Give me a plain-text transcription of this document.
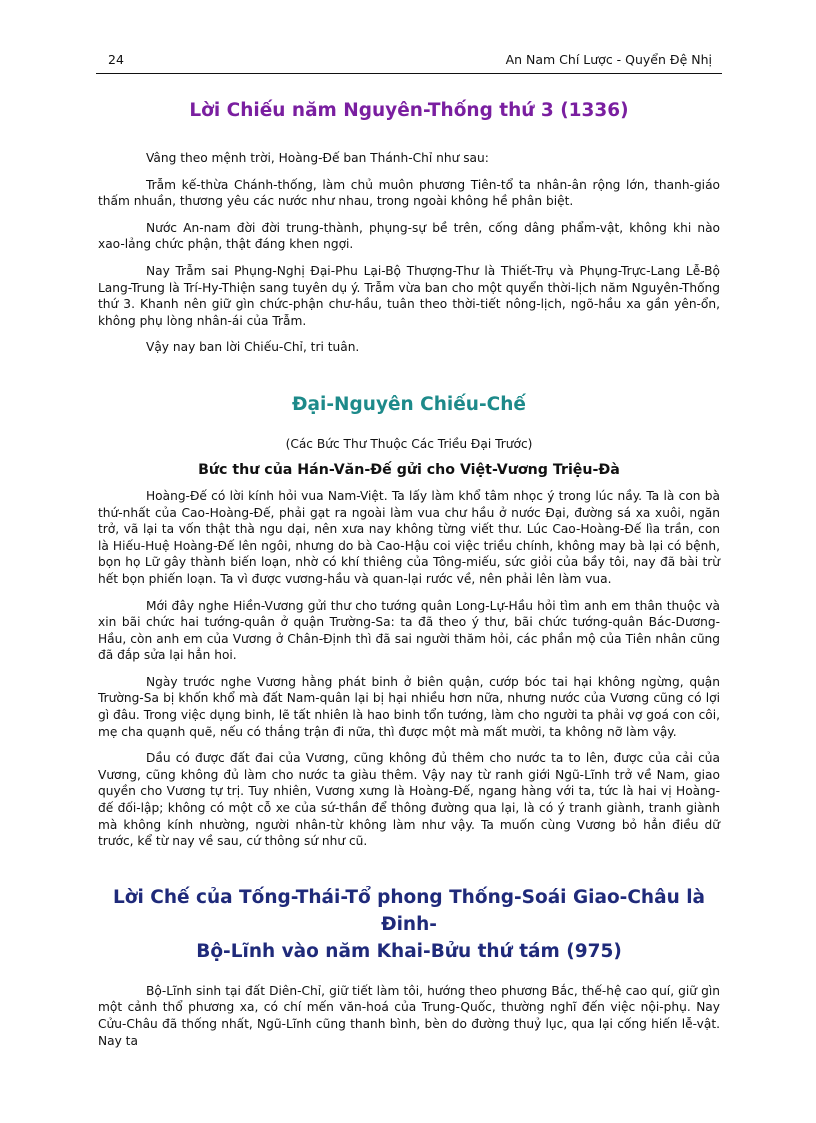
24	An Nam Chí Lược - Quyển Đệ Nhị
Lời Chiếu năm Nguyên-Thống thứ 3 (1336)

Vâng theo mệnh trời, Hoàng-Đế ban Thánh-Chỉ như sau:

Trẫm kế-thừa Chánh-thống, làm chủ muôn phương Tiên-tổ ta nhân-ân rộng lớn, thanh-giáo thấm nhuần, thương yêu các nước như nhau, trong ngoài không hề phân biệt.

Nước An-nam đời đời trung-thành, phụng-sự bề trên, cống dâng phẩm-vật, không khi nào xao-lảng chức phận, thật đáng khen ngợi.

Nay Trẫm sai Phụng-Nghị Đại-Phu Lại-Bộ Thượng-Thư là Thiết-Trụ và Phụng-Trực-Lang Lễ-Bộ Lang-Trung là Trí-Hy-Thiện sang tuyên dụ ý. Trẫm vừa ban cho một quyển thời-lịch năm Nguyên-Thống thứ 3. Khanh nên giữ gìn chức-phận chư-hầu, tuân theo thời-tiết nông-lịch, ngõ-hầu xa gần yên-ổn, không phụ lòng nhân-ái của Trẫm.

Vậy nay ban lời Chiếu-Chỉ, tri tuân.

Đại-Nguyên Chiếu-Chế
(Các Bức Thư Thuộc Các Triều Đại Trước)
Bức thư của Hán-Văn-Đế gửi cho Việt-Vương Triệu-Đà

Hoàng-Đế có lời kính hỏi vua Nam-Việt. Ta lấy làm khổ tâm nhọc ý trong lúc nầy. Ta là con bà thứ-nhất của Cao-Hoàng-Đế, phải gạt ra ngoài làm vua chư hầu ở nước Đại, đường sá xa xuôi, ngăn trở, vã lại ta vốn thật thà ngu dại, nên xưa nay không từng viết thư. Lúc Cao-Hoàng-Đế lìa trần, con là Hiếu-Huệ Hoàng-Đế lên ngôi, nhưng do bà Cao-Hậu coi việc triều chính, không may bà lại có bệnh, bọn họ Lữ gây thành biến loạn, nhờ có khí thiêng của Tông-miếu, sức giỏi của bầy tôi, nay đã bài trừ hết bọn phiến loạn. Ta vì được vương-hầu và quan-lại rước về, nên phải lên làm vua.

Mới đây nghe Hiền-Vương gửi thư cho tướng quân Long-Lự-Hầu hỏi tìm anh em thân thuộc và xin bãi chức hai tướng-quân ở quận Trường-Sa: ta đã theo ý thư, bãi chức tướng-quân Bác-Dương-Hầu, còn anh em của Vương ở Chân-Định thì đã sai người thăm hỏi, các phần mộ của Tiên nhân cũng đã đắp sửa lại hẳn hoi.

Ngày trước nghe Vương hằng phát binh ở biên quận, cướp bóc tai hại không ngừng, quận Trường-Sa bị khốn khổ mà đất Nam-quân lại bị hại nhiều hơn nữa, nhưng nước của Vương cũng có lợi gì đâu. Trong việc dụng binh, lẽ tất nhiên là hao binh tổn tướng, làm cho người ta phải vợ goá con côi, mẹ cha quạnh quẽ, nếu có thắng trận đi nữa, thì được một mà mất mười, ta không nỡ làm vậy.

Dầu có được đất đai của Vương, cũng không đủ thêm cho nước ta to lên, được của cải của Vương, cũng không đủ làm cho nước ta giàu thêm. Vậy nay từ ranh giới Ngũ-Lĩnh trở về Nam, giao quyền cho Vương tự trị. Tuy nhiên, Vương xưng là Hoàng-Đế, ngang hàng với ta, tức là hai vị Hoàng-đế đối-lập; không có một cỗ xe của sứ-thần để thông đường qua lại, là có ý tranh giành, tranh giành mà không kính nhường, người nhân-từ không làm như vậy. Ta muốn cùng Vương bỏ hẳn điều dữ trước, kể từ nay về sau, cứ thông sứ như cũ.

Lời Chế của Tống-Thái-Tổ phong Thống-Soái Giao-Châu là Đinh-
Bộ-Lĩnh vào năm Khai-Bửu thứ tám (975)

Bộ-Lĩnh sinh tại đất Diên-Chỉ, giữ tiết làm tôi, hướng theo phương Bắc, thế-hệ cao quí, giữ gìn một cảnh thổ phương xa, có chí mến văn-hoá của Trung-Quốc, thường nghĩ đến việc nội-phụ. Nay Cửu-Châu đã thống nhất, Ngũ-Lĩnh cũng thanh bình, bèn do đường thuỷ lục, qua lại cống hiến lễ-vật. Nay ta
